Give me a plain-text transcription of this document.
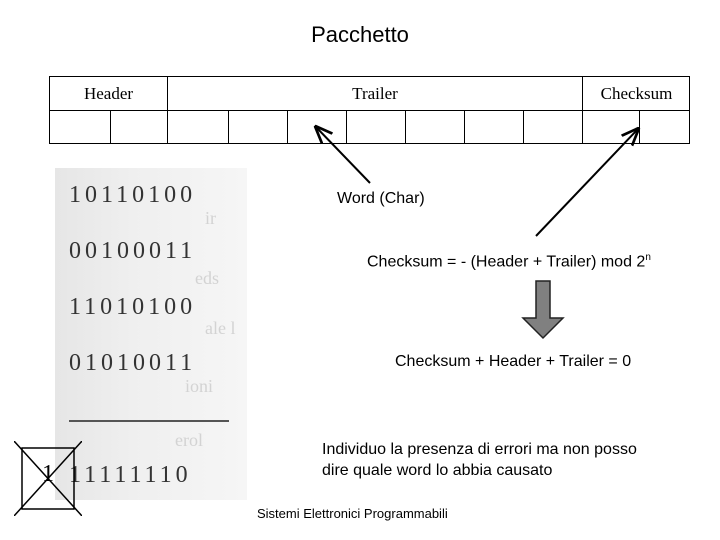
Pacchetto
Header	Trailer	Checksum
ir
eds
ale l
ioni
erol
10110100
00100011
11010100
01010011
11111110
1
Word (Char)
Checksum = - (Header + Trailer) mod 2$^n$
Checksum + Header + Trailer = 0
Individuo la presenza di errori ma non posso
dire quale word lo abbia causato
Sistemi Elettronici Programmabili
